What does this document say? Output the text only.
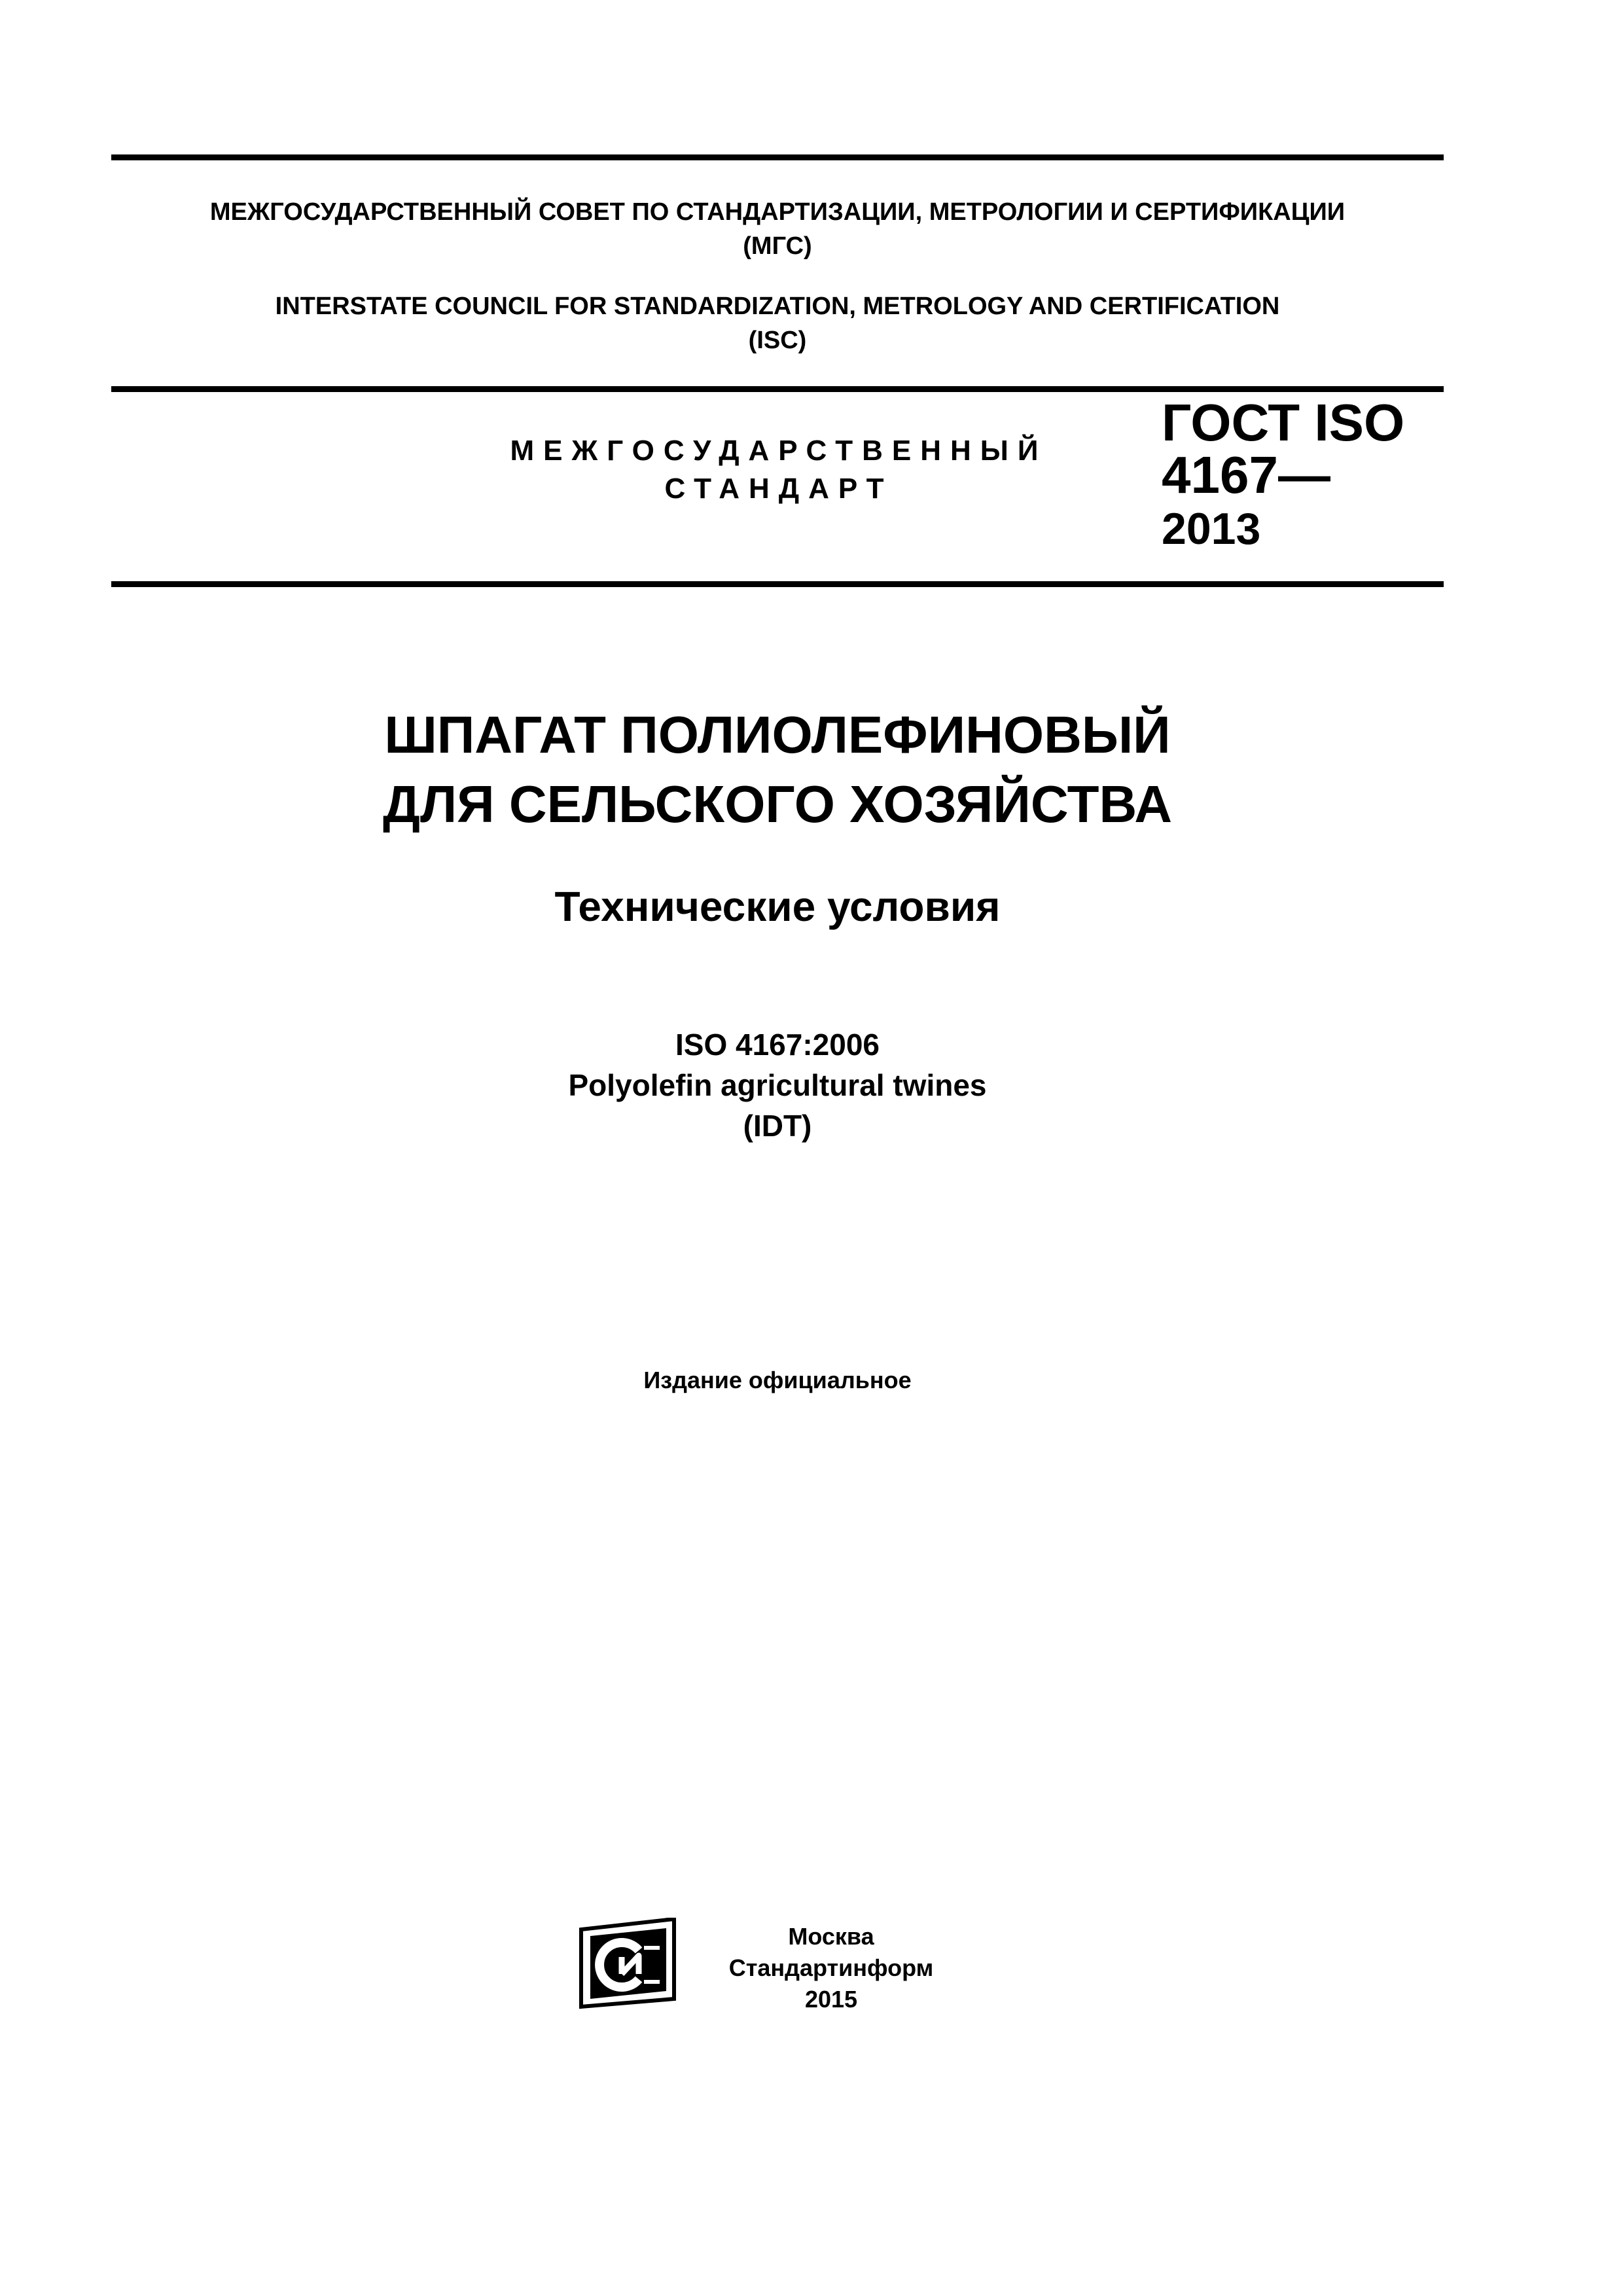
МЕЖГОСУДАРСТВЕННЫЙ СОВЕТ ПО СТАНДАРТИЗАЦИИ, МЕТРОЛОГИИ И СЕРТИФИКАЦИИ
(МГС)
INTERSTATE COUNCIL FOR STANDARDIZATION, METROLOGY AND CERTIFICATION
(ISC)
МЕЖГОСУДАРСТВЕННЫЙ
СТАНДАРТ
ГОСТ ISO
4167—
2013
ШПАГАТ ПОЛИОЛЕФИНОВЫЙ
ДЛЯ СЕЛЬСКОГО ХОЗЯЙСТВА
Технические условия
ISO 4167:2006
Polyolefin agricultural twines
(IDT)
Издание официальное
Москва
Стандартинформ
2015
